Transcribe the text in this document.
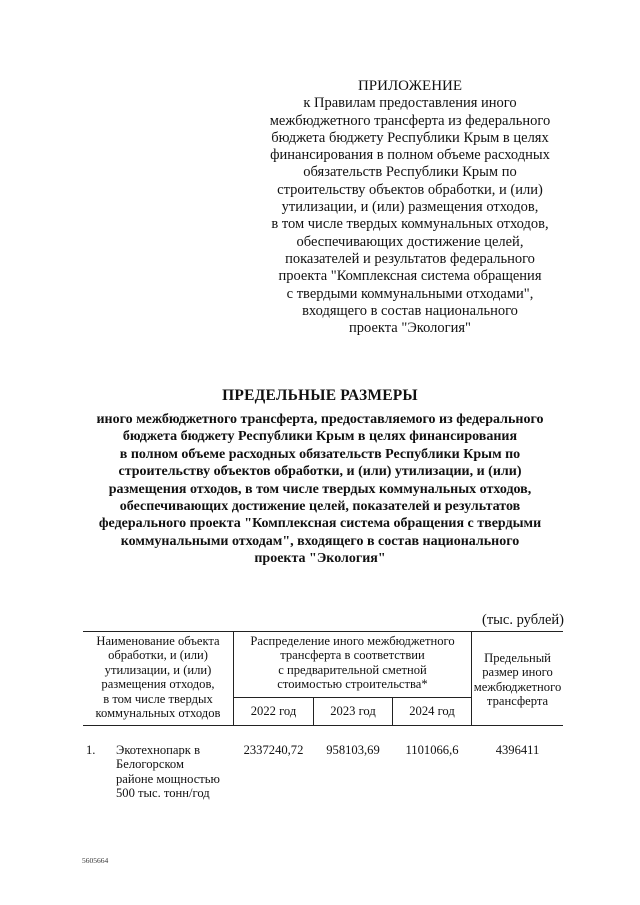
ПРИЛОЖЕНИЕ
к Правилам предоставления иного
межбюджетного трансферта из федерального
бюджета бюджету Республики Крым в целях
финансирования в полном объеме расходных
обязательств Республики Крым по
строительству объектов обработки, и (или)
утилизации, и (или) размещения отходов,
в том числе твердых коммунальных отходов,
обеспечивающих достижение целей,
показателей и результатов федерального
проекта "Комплексная система обращения
с твердыми коммунальными отходами",
входящего в состав национального
проекта "Экология"
ПРЕДЕЛЬНЫЕ РАЗМЕРЫ
иного межбюджетного трансферта, предоставляемого из федерального
бюджета бюджету Республики Крым в целях финансирования
в полном объеме расходных обязательств Республики Крым по
строительству объектов обработки, и (или) утилизации, и (или)
размещения отходов, в том числе твердых коммунальных отходов,
обеспечивающих достижение целей, показателей и результатов
федерального проекта "Комплексная система обращения с твердыми
коммунальными отходам", входящего в состав национального
проекта "Экология"
(тыс. рублей)
Наименование объекта
обработки, и (или)
утилизации, и (или)
размещения отходов,
в том числе твердых
коммунальных отходов
Распределение иного межбюджетного
трансферта в соответствии
с предварительной сметной
стоимостью строительства*
2022 год	2023 год	2024 год
Предельный
размер иного
межбюджетного
трансферта
1. Экотехнопарк в
Белогорском
районе мощностью
500 тыс. тонн/год
2337240,72	958103,69	1101066,6	4396411
5605664
